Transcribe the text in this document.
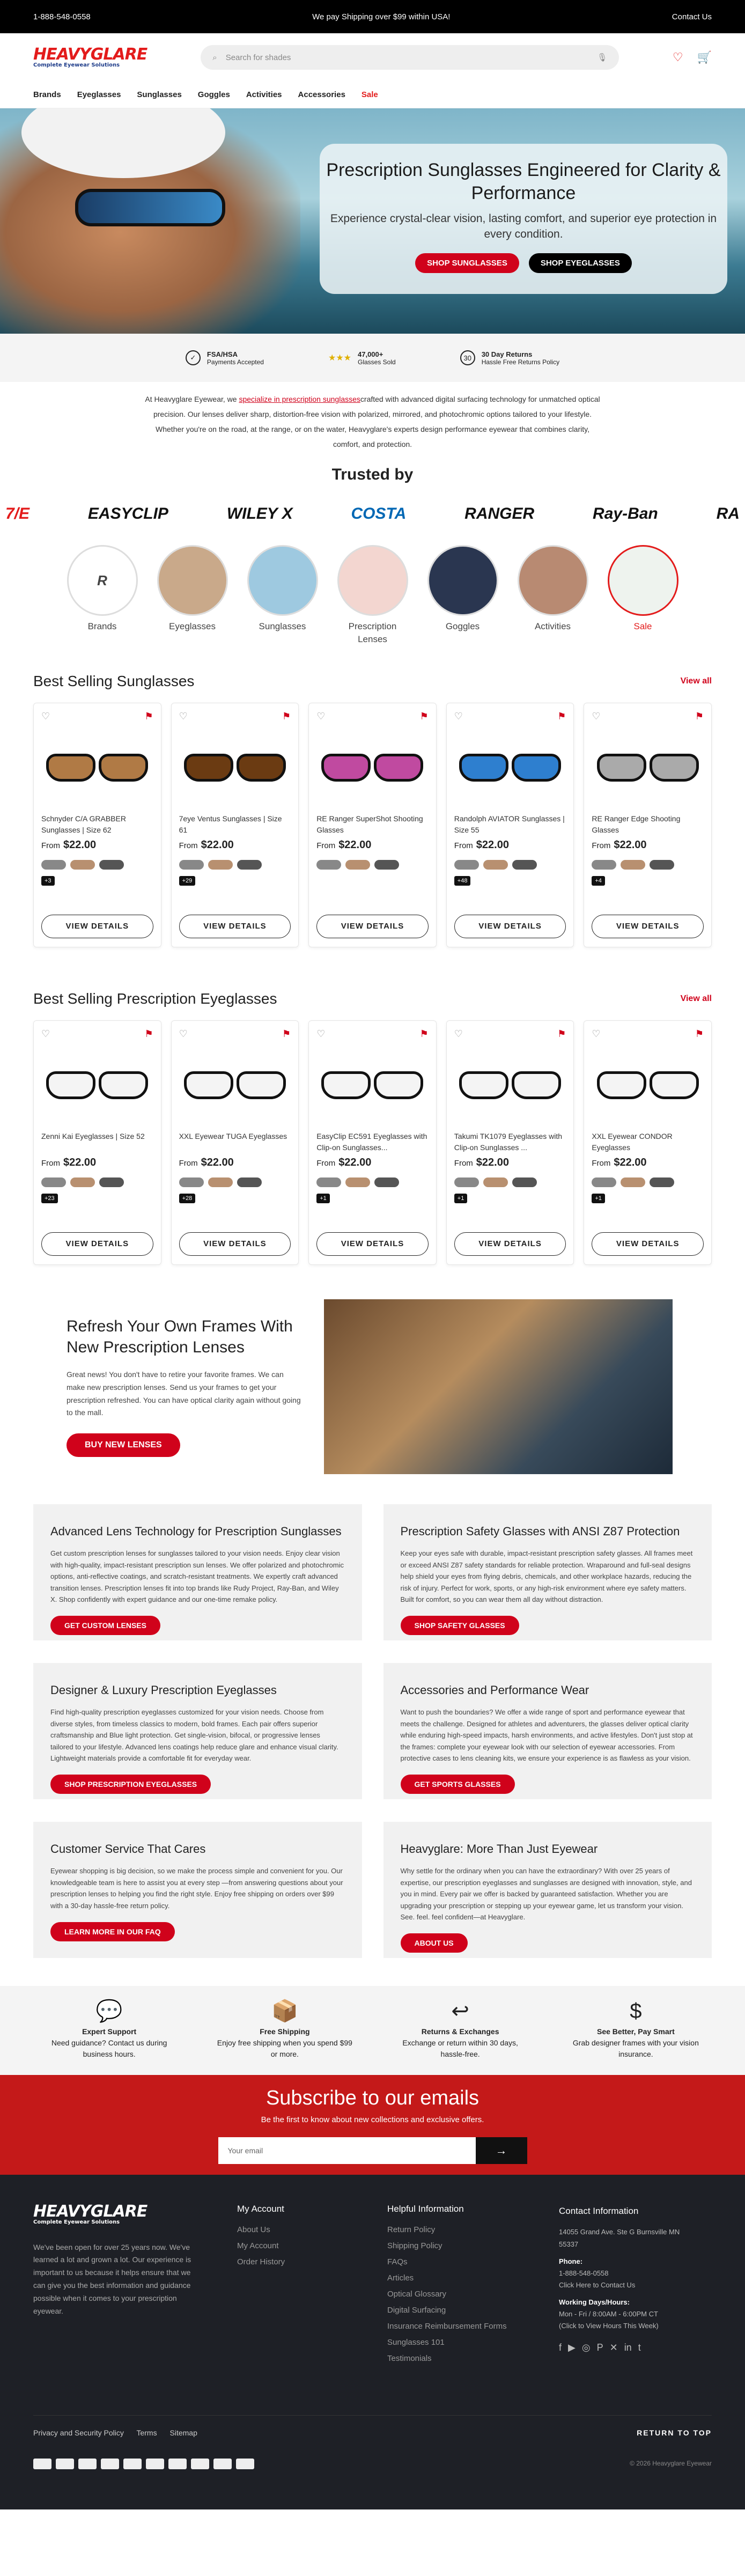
1-888-548-0558	We pay Shipping over $99 within USA!	Contact Us
HEAVYGLARE
Complete Eyewear Solutions
⌕ Search for shades	🎙	♡ 🛒
Brands Eyeglasses Sunglasses Goggles Activities Accessories Sale
Prescription Sunglasses Engineered for Clarity & Performance

Experience crystal-clear vision, lasting comfort, and superior eye protection in every condition.

SHOP SUNGLASSES	SHOP EYEGLASSES
✓	FSA/HSA
Payments Accepted	★★★ 47,000+
Glasses Sold	30	30 Day Returns
Hassle Free Returns Policy

At Heavyglare Eyewear, we specialize in prescription sunglassescrafted with advanced digital surfacing technology for unmatched optical precision. Our lenses deliver sharp, distortion-free vision with polarized, mirrored, and photochromic options tailored to your lifestyle. Whether you're on the road, at the range, or on the water, Heavyglare's experts design performance eyewear that combines clarity, comfort, and protection.

Trusted by
7/E	EASYCLIP	WILEY X	COSTA	RANGER	Ray-Ban	RA
R
Brands	Eyeglasses	Sunglasses	Prescription Lenses
Goggles	Activities	Sale
Best Selling Sunglasses	View all
♡	⚑
Schnyder C/A GRABBER Sunglasses | Size 62
From $22.00
+3
VIEW DETAILS
♡	⚑
7eye Ventus Sunglasses | Size 61
From $22.00
+29
VIEW DETAILS
♡	⚑
RE Ranger SuperShot Shooting Glasses
From $22.00
VIEW DETAILS
♡	⚑
Randolph AVIATOR Sunglasses | Size 55
From $22.00
+48
VIEW DETAILS
♡	⚑
RE Ranger Edge Shooting Glasses
From $22.00
+4
VIEW DETAILS
Best Selling Prescription Eyeglasses	View all
♡	⚑
Zenni Kai Eyeglasses | Size 52
From $22.00
+23
VIEW DETAILS
♡	⚑
XXL Eyewear TUGA Eyeglasses
From $22.00
+28
VIEW DETAILS
♡	⚑
EasyClip EC591 Eyeglasses with Clip-on Sunglasses...
From $22.00
+1
VIEW DETAILS
♡	⚑
Takumi TK1079 Eyeglasses with Clip-on Sunglasses ...
From $22.00
+1
VIEW DETAILS
♡	⚑
XXL Eyewear CONDOR Eyeglasses
From $22.00
+1
VIEW DETAILS
Refresh Your Own Frames With New Prescription Lenses

Great news! You don't have to retire your favorite frames. We can make new prescription lenses. Send us your frames to get your prescription refreshed. You can have optical clarity again without going to the mall.

BUY NEW LENSES
Advanced Lens Technology for Prescription Sunglasses

Get custom prescription lenses for sunglasses tailored to your vision needs. Enjoy clear vision with high-quality, impact-resistant prescription sun lenses. We offer polarized and photochromic options, anti-reflective coatings, and scratch-resistant treatments. We expertly craft advanced transition lenses. Prescription lenses fit into top brands like Rudy Project, Ray-Ban, and Wiley X. Shop confidently with expert guidance and our one-time remake policy.

GET CUSTOM LENSES
Prescription Safety Glasses with ANSI Z87 Protection

Keep your eyes safe with durable, impact-resistant prescription safety glasses. All frames meet or exceed ANSI Z87 safety standards for reliable protection. Wraparound and full-seal designs help shield your eyes from flying debris, chemicals, and other workplace hazards, reducing the risk of injury. Perfect for work, sports, or any high-risk environment where eye safety matters. Built for comfort, so you can wear them all day without distraction.

SHOP SAFETY GLASSES
Designer & Luxury Prescription Eyeglasses

Find high-quality prescription eyeglasses customized for your vision needs. Choose from diverse styles, from timeless classics to modern, bold frames. Each pair offers superior craftsmanship and Blue light protection. Get single-vision, bifocal, or progressive lenses tailored to your lifestyle. Advanced lens coatings help reduce glare and enhance visual clarity. Lightweight materials provide a comfortable fit for everyday wear.

SHOP PRESCRIPTION EYEGLASSES
Accessories and Performance Wear

Want to push the boundaries? We offer a wide range of sport and performance eyewear that meets the challenge. Designed for athletes and adventurers, the glasses deliver optical clarity while enduring high-speed impacts, harsh environments, and active lifestyles. Don't just stop at the frames: complete your eyewear look with our selection of eyewear accessories. From protective cases to lens cleaning kits, we ensure your experience is as flawless as your vision.

GET SPORTS GLASSES
Customer Service That Cares

Eyewear shopping is big decision, so we make the process simple and convenient for you. Our knowledgeable team is here to assist you at every step —from answering questions about your prescription lenses to helping you find the right style. Enjoy free shipping on orders over $99 with a 30-day hassle-free return policy.

LEARN MORE IN OUR FAQ
Heavyglare: More Than Just Eyewear

Why settle for the ordinary when you can have the extraordinary? With over 25 years of expertise, our prescription eyeglasses and sunglasses are designed with innovation, style, and you in mind. Every pair we offer is backed by guaranteed satisfaction. Whether you are upgrading your prescription or stepping up your eyewear game, let us transform your vision. See. feel. feel confident—at Heavyglare.

ABOUT US
💬
Expert Support
Need guidance? Contact us during business hours.
📦
Free Shipping
Enjoy free shipping when you spend $99 or more.
↩
Returns & Exchanges
Exchange or return within 30 days, hassle-free.
$
See Better, Pay Smart
Grab designer frames with your vision insurance.
Subscribe to our emails

Be the first to know about new collections and exclusive offers.

Your email	→
HEAVYGLARE
Complete Eyewear Solutions

We've been open for over 25 years now. We've learned a lot and grown a lot. Our experience is important to us because it helps ensure that we can give you the best information and guidance possible when it comes to your prescription eyewear.

My Account
About Us
My Account
Order History
Helpful Information
Return Policy
Shipping Policy
FAQs
Articles
Optical Glossary
Digital Surfacing
Insurance Reimbursement Forms
Sunglasses 101
Testimonials
Contact Information
14055 Grand Ave. Ste G Burnsville MN 55337
Phone:
1-888-548-0558
Click Here to Contact Us
Working Days/Hours:
Mon - Fri / 8:00AM - 6:00PM CT
(Click to View Hours This Week)
f ▶ ◎ P ✕ in t
Privacy and Security Policy Terms Sitemap	RETURN TO TOP
© 2026 Heavyglare Eyewear
